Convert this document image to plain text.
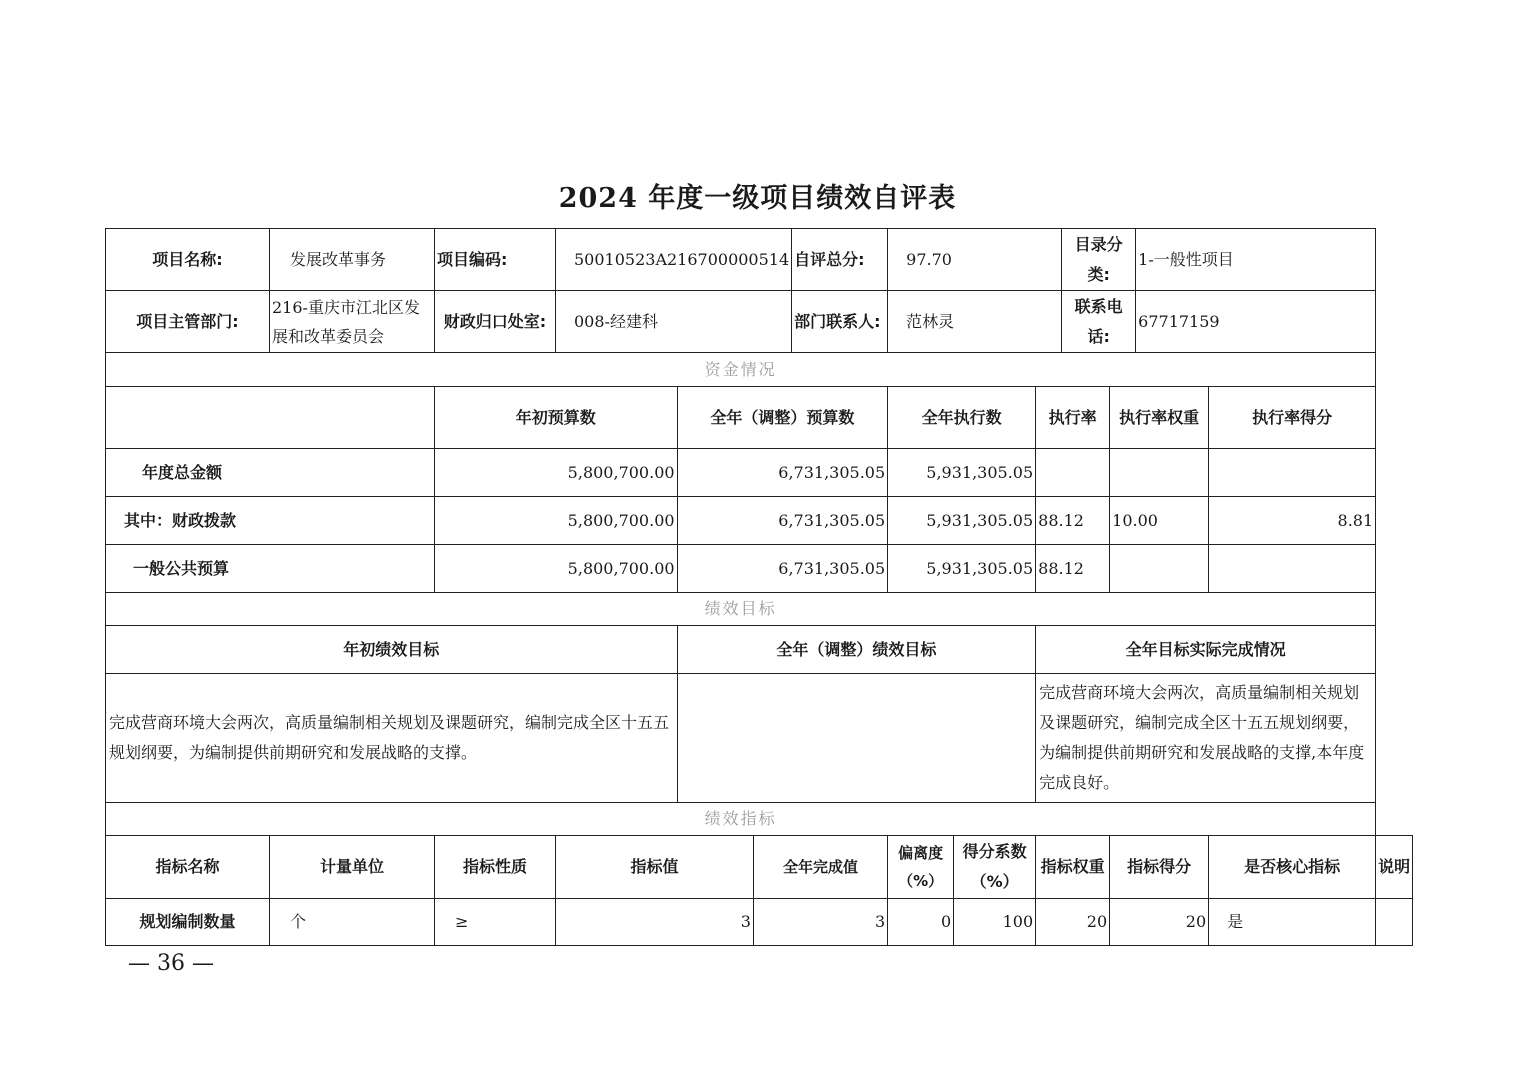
2024 年度一级项目绩效自评表
项目名称:	发展改革事务	项目编码:	50010523A216700000514			自评总分:	97.70			目录分类:		1-一般性项目		
项目主管部门:	216-重庆市江北区发展和改革委员会	财政归口处室:	008-经建科			部门联系人:	范林灵			联系电话:		67717159		
资金情况														
		年初预算数		全年（调整）预算数			全年执行数		执行率		执行率权重		执行率得分	
年度总金额		5,800,700.00		6,731,305.05			5,931,305.05							
其中：财政拨款		5,800,700.00		6,731,305.05			5,931,305.05		88.12		10.00		8.81	
一般公共预算		5,800,700.00		6,731,305.05			5,931,305.05		88.12					
绩效目标														
年初绩效目标				全年（调整）绩效目标					全年目标实际完成情况					
完成营商环境大会两次，高质量编制相关规划及课题研究，编制完成全区十五五规划纲要，为编制提供前期研究和发展战略的支撑。									完成营商环境大会两次，高质量编制相关规划及课题研究，编制完成全区十五五规划纲要，为编制提供前期研究和发展战略的支撑,本年度完成良好。					
绩效指标														
指标名称	计量单位	指标性质	指标值		全年完成值		偏离度（%）	得分系数（%）	指标权重		指标得分		是否核心指标	说明
规划编制数量	个	≥	3		3		0	100	20		20		是	
— 36 —
